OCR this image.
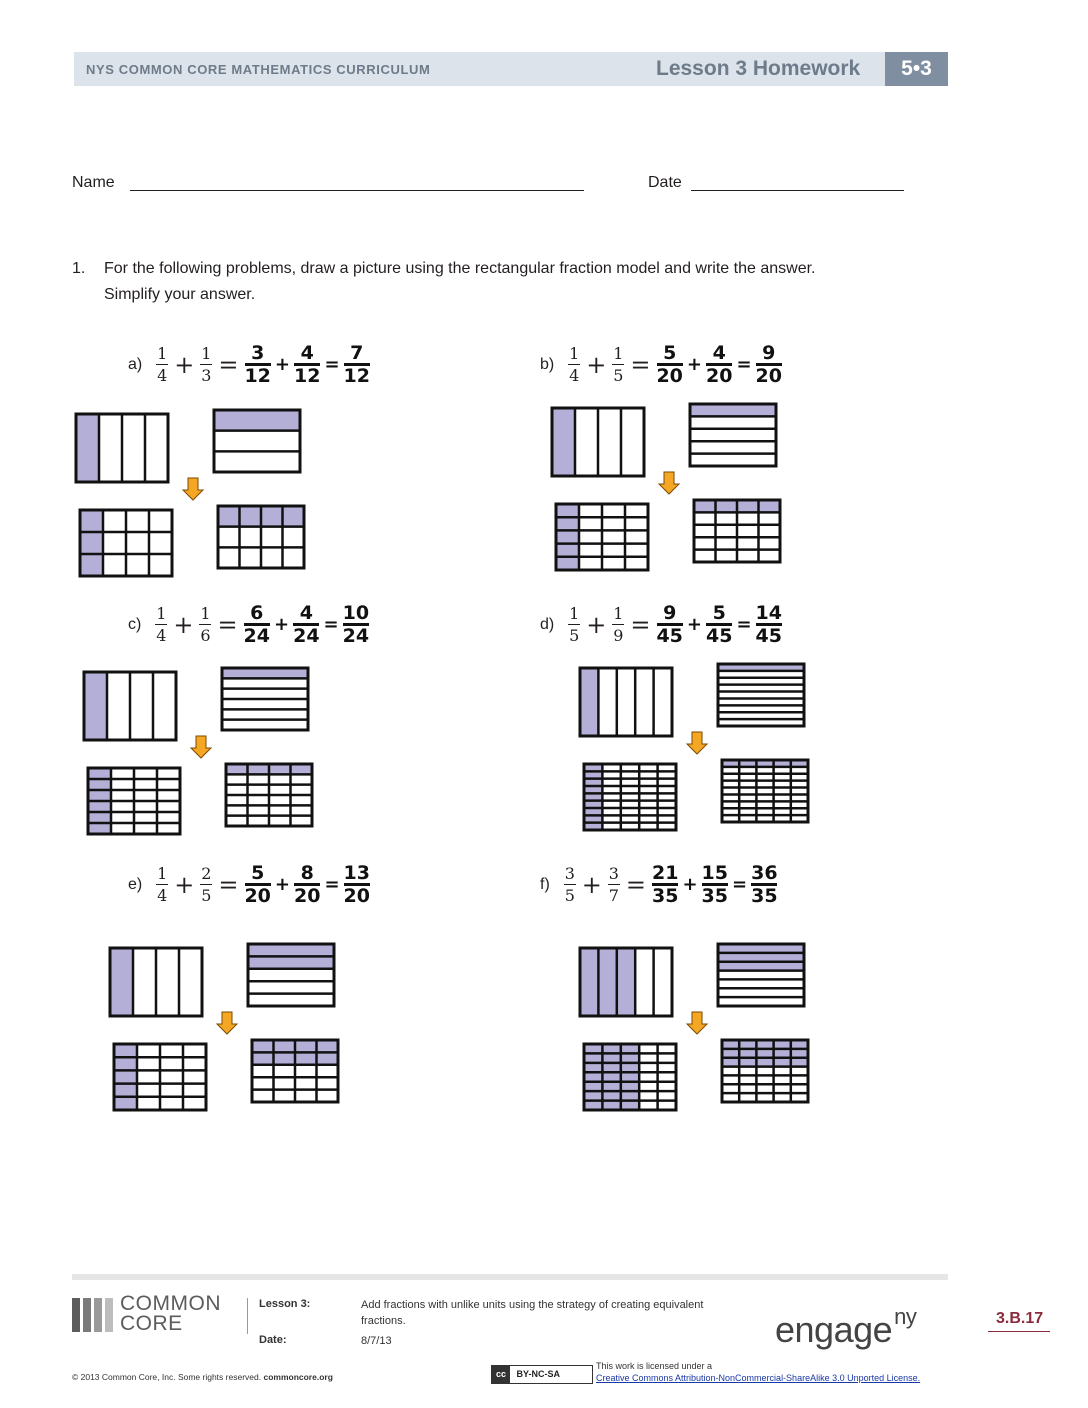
NYS COMMON CORE MATHEMATICS CURRICULUM	Lesson 3 Homework	5•3
Name	Date
1. For the following problems, draw a picture using the rectangular fraction model and write the answer.
Simplify your answer.
$a) \frac{1}{4} + \frac{1}{3} = 3$
12
+
4
12
=
7
12
$b) \frac{1}{4} + \frac{1}{5} = 5$
20
+
4
20
=
9
20
$c) \frac{1}{4} + \frac{1}{6} = 6$
24
+
4
24
=
10
24
$d) \frac{1}{5} + \frac{1}{9} = 9$
45
+
5
45
=
14
45
$e) \frac{1}{4} + \frac{2}{5} = 5$
20
+
8
20
=
13
20
$f) \frac{3}{5} + \frac{3}{7} = 21$
35
+
15
35
=
36
35
COMMON
CORE
Lesson 3:	Add fractions with unlike units using the strategy of creating equivalent
fractions.
Date:	8/7/13	engage$^{ny}$	3.B.17
© 2013 Common Core, Inc. Some rights reserved. commoncore.org	cc BY-NC-SA
This work is licensed under a
Creative Commons Attribution-NonCommercial-ShareAlike 3.0 Unported License.
